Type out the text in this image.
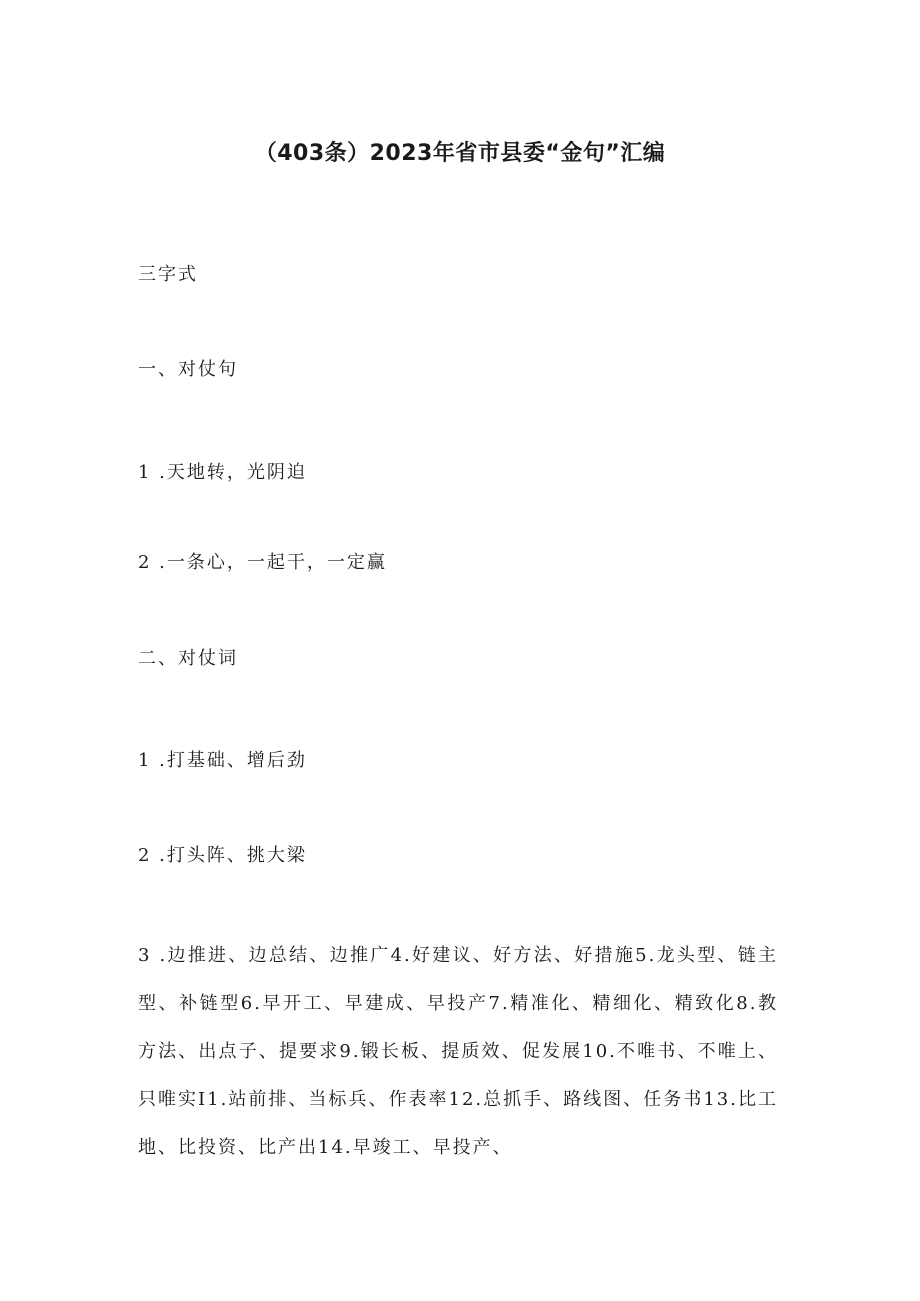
（403条）2023年省市县委“金句”汇编

三字式

一、对仗句

1 .天地转，光阴迫

2 .一条心，一起干，一定赢

二、对仗词

1 .打基础、增后劲

2 .打头阵、挑大梁

3 .边推进、边总结、边推广4.好建议、好方法、好措施5.龙头型、链主型、补链型6.早开工、早建成、早投产7.精准化、精细化、精致化8.教方法、出点子、提要求9.锻长板、提质效、促发展10.不唯书、不唯上、只唯实I1.站前排、当标兵、作表率12.总抓手、路线图、任务书13.比工地、比投资、比产出14.早竣工、早投产、
